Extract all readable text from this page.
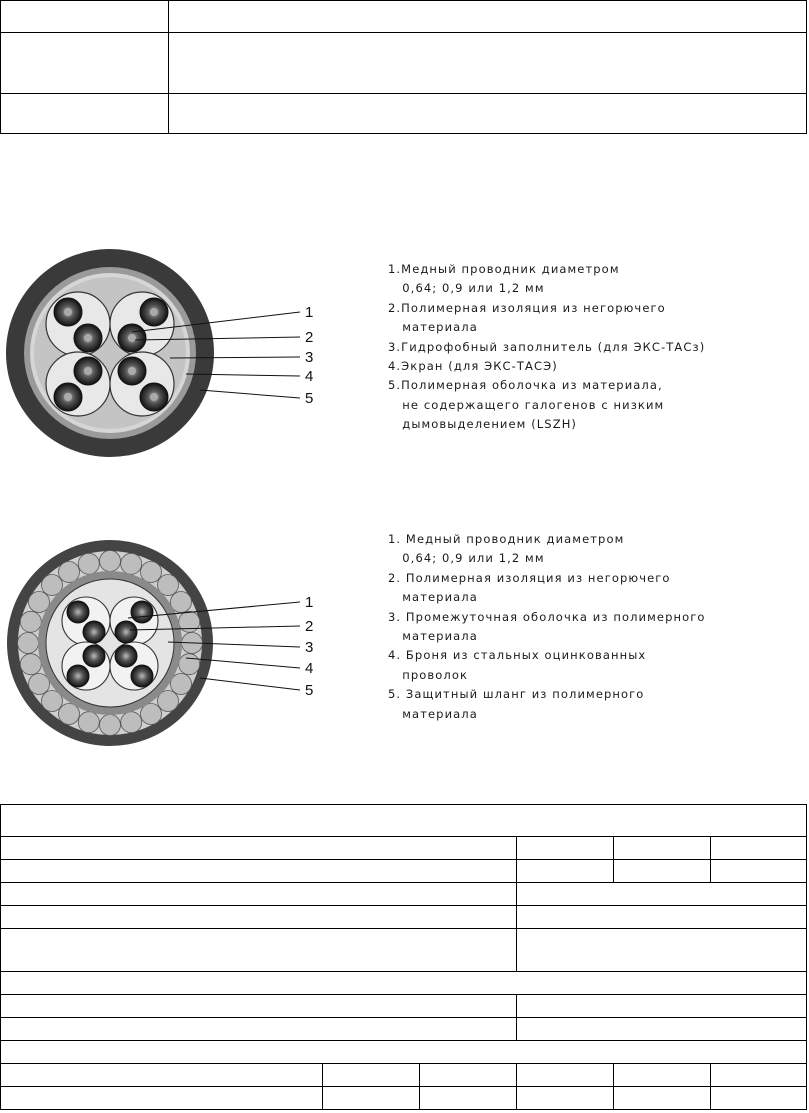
1
2
3
4
5
1.Медный проводник диаметром
0,64; 0,9 или 1,2 мм
2.Полимерная изоляция из негорючего
материала
3.Гидрофобный заполнитель (для ЭКС-ТАСз)
4.Экран (для ЭКС-ТАСЭ)
5.Полимерная оболочка из материала,
не содержащего галогенов с низким
дымовыделением (LSZH)
1
2
3
4
5
1. Медный проводник диаметром
0,64; 0,9 или 1,2 мм
2. Полимерная изоляция из негорючего
материала
3. Промежуточная оболочка из полимерного
материала
4. Броня из стальных оцинкованных
проволок
5. Защитный шланг из полимерного
материала
